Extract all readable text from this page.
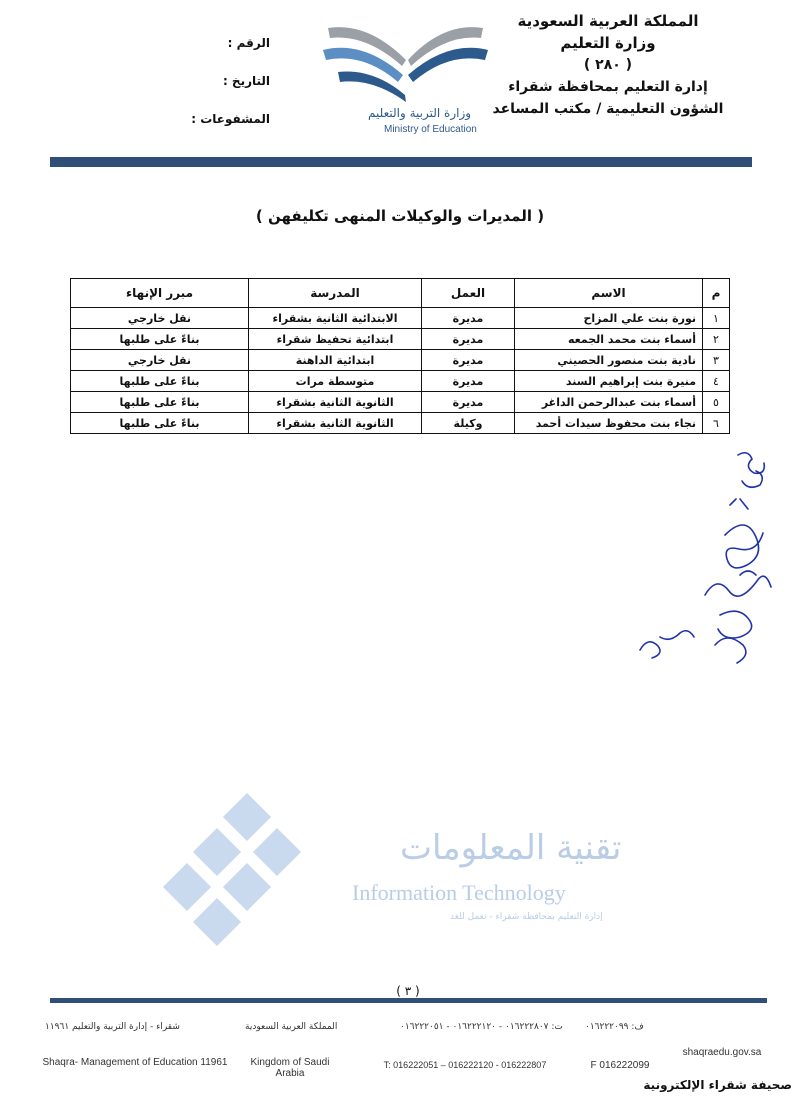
المملكة العربية السعودية
وزارة التعليم
( ٢٨٠ )
إدارة التعليم بمحافظة شقراء
الشؤون التعليمية / مكتب المساعد
وزارة التربية والتعليم
Ministry of Education
الرقم :
التاريخ :
المشفوعات :
( المديرات والوكيلات المنهى تكليفهن )
م	الاسم	العمل	المدرسة	مبرر الإنهاء
١	نورة بنت علي المزاح	مديرة	الابتدائية الثانية بشقراء	نقل خارجي
٢	أسماء بنت محمد الجمعه	مديرة	ابتدائية تحفيظ شقراء	بناءً على طلبها
٣	نادية بنت منصور الحصيني	مديرة	ابتدائية الداهنة	نقل خارجي
٤	منيرة بنت إبراهيم السند	مديرة	متوسطة مرات	بناءً على طلبها
٥	أسماء بنت عبدالرحمن الداغر	مديرة	الثانوية الثانية بشقراء	بناءً على طلبها
٦	نجاء بنت محفوظ سيدات أحمد	وكيلة	الثانوية الثانية بشقراء	بناءً على طلبها
تقنية المعلومات
Information Technology
إدارة التعليم بمحافظة شقراء - نعمل للغد
( ٣ )
شقراء - إدارة التربية والتعليم ١١٩٦١	المملكة العربية السعودية	ت: ٠١٦٢٢٢٨٠٧ - ٠١٦٢٢٢١٢٠ - ٠١٦٢٢٢٠٥١ ف: ٠١٦٢٢٢٠٩٩
Shaqra- Management of Education 11961	Kingdom of Saudi Arabia
T: 016222051 – 016222120 - 016222807	F 016222099
shaqraedu.gov.sa
صحيفة شقراء الإلكترونية
